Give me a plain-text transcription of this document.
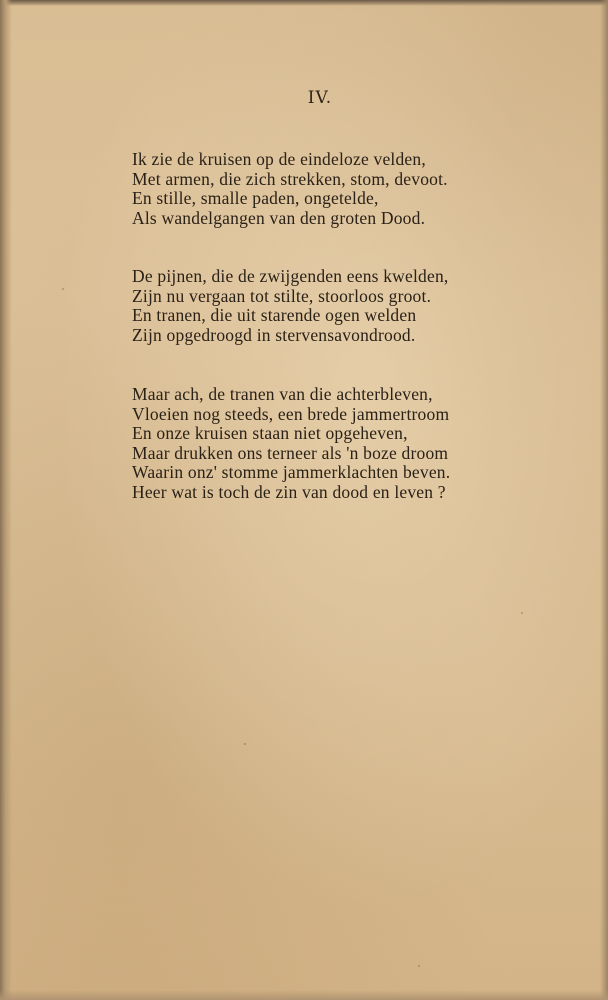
IV.
Ik zie de kruisen op de eindeloze velden,
Met armen, die zich strekken, stom, devoot.
En stille, smalle paden, ongetelde,
Als wandelgangen van den groten Dood.
De pijnen, die de zwijgenden eens kwelden,
Zijn nu vergaan tot stilte, stoorloos groot.
En tranen, die uit starende ogen welden
Zijn opgedroogd in stervensavondrood.
Maar ach, de tranen van die achterbleven,
Vloeien nog steeds, een brede jammertroom
En onze kruisen staan niet opgeheven,
Maar drukken ons terneer als 'n boze droom
Waarin onz' stomme jammerklachten beven.
Heer wat is toch de zin van dood en leven ?
